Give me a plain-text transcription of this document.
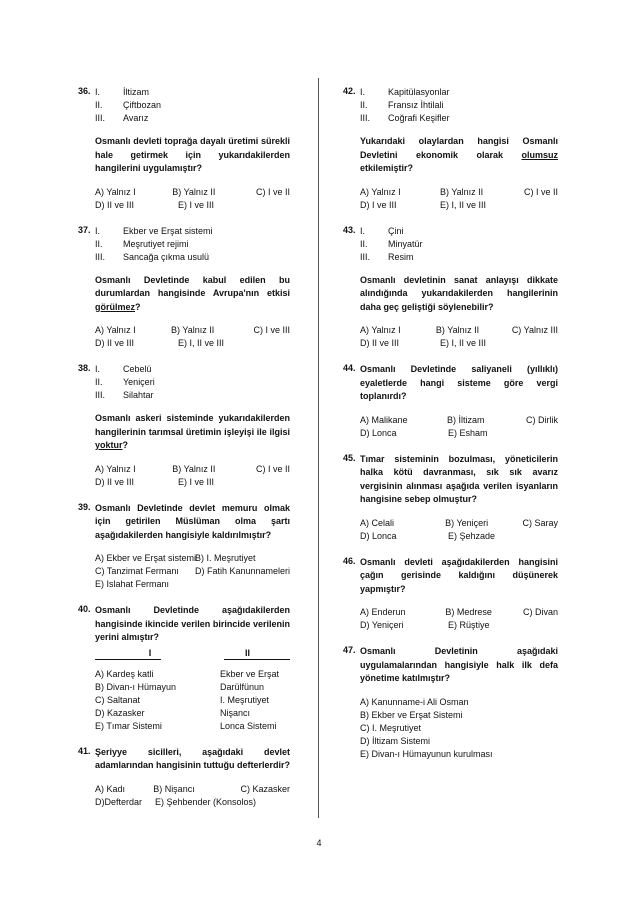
36. I.	İltizam
II.	Çiftbozan
III.	Avarız
Osmanlı devleti toprağa dayalı üretimi sürekli hale getirmek için yukarıdakilerden hangilerini uygulamıştır?
A) Yalnız I	B) Yalnız II	C) I ve II
D) II ve III	E) I ve III
37. I.	Ekber ve Erşat sistemi
II.	Meşrutiyet rejimi
III.	Sancağa çıkma usulü
Osmanlı Devletinde kabul edilen bu durumlardan hangisinde Avrupa'nın etkisi görülmez?
A) Yalnız I	B) Yalnız II	C) I ve III
D) II ve III	E) I, II ve III
38. I.	Cebelü
II.	Yeniçeri
III.	Silahtar
Osmanlı askeri sisteminde yukarıdakilerden hangilerinin tarımsal üretimin işleyişi ile ilgisi yoktur?
A) Yalnız I	B) Yalnız II	C) I ve II
D) II ve III	E) I ve III
39. Osmanlı Devletinde devlet memuru olmak için getirilen Müslüman olma şartı aşağıdakilerden hangisiyle kaldırılmıştır?
A) Ekber ve Erşat sistemi
B) I. Meşrutiyet
C) Tanzimat Fermanı	D) Fatih Kanunnameleri
E) Islahat Fermanı
40. Osmanlı Devletinde aşağıdakilerden hangisinde ikincide verilen birincide verilenin yerini almıştır?
I	II
A) Kardeş katli	Ekber ve Erşat
B) Divan-ı Hümayun	Darülfünun
C) Saltanat	I. Meşrutiyet
D) Kazasker	Nişancı
E) Tımar Sistemi	Lonca Sistemi
41. Şeriyye sicilleri, aşağıdaki devlet adamlarından hangisinin tuttuğu defterlerdir?
A) Kadı	B) Nişancı	C) Kazasker
D)Defterdar	E) Şehbender (Konsolos)
42. I.	Kapitülasyonlar
II.	Fransız İhtilali
III.	Coğrafi Keşifler
Yukarıdaki olaylardan hangisi Osmanlı Devletini ekonomik olarak olumsuz etkilemiştir?
A) Yalnız I	B) Yalnız II	C) I ve II
D) I ve III	E) I, II ve III
43. I.	Çini
II.	Minyatür
III.	Resim
Osmanlı devletinin sanat anlayışı dikkate alındığında yukarıdakilerden hangilerinin daha geç geliştiği söylenebilir?
A) Yalnız I	B) Yalnız II	C) Yalnız III
D) II ve III	E) I, II ve III
44. Osmanlı Devletinde saliyaneli (yıllıklı) eyaletlerde hangi sisteme göre vergi toplanırdı?
A) Malikane	B) İltizam	C) Dirlik
D) Lonca	E) Esham
45. Tımar sisteminin bozulması, yöneticilerin halka kötü davranması, sık sık avarız vergisinin alınması aşağıda verilen isyanların hangisine sebep olmuştur?
A) Celali	B) Yeniçeri	C) Saray
D) Lonca	E) Şehzade
46. Osmanlı devleti aşağıdakilerden hangisini çağın gerisinde kaldığını düşünerek yapmıştır?
A) Enderun	B) Medrese	C) Divan
D) Yeniçeri	E) Rüştiye
47. Osmanlı Devletinin aşağıdaki uygulamalarından hangisiyle halk ilk defa yönetime katılmıştır?
A) Kanunname-i Ali Osman
B) Ekber ve Erşat Sistemi
C) I. Meşrutiyet
D) İltizam Sistemi
E) Divan-ı Hümayunun kurulması
4
